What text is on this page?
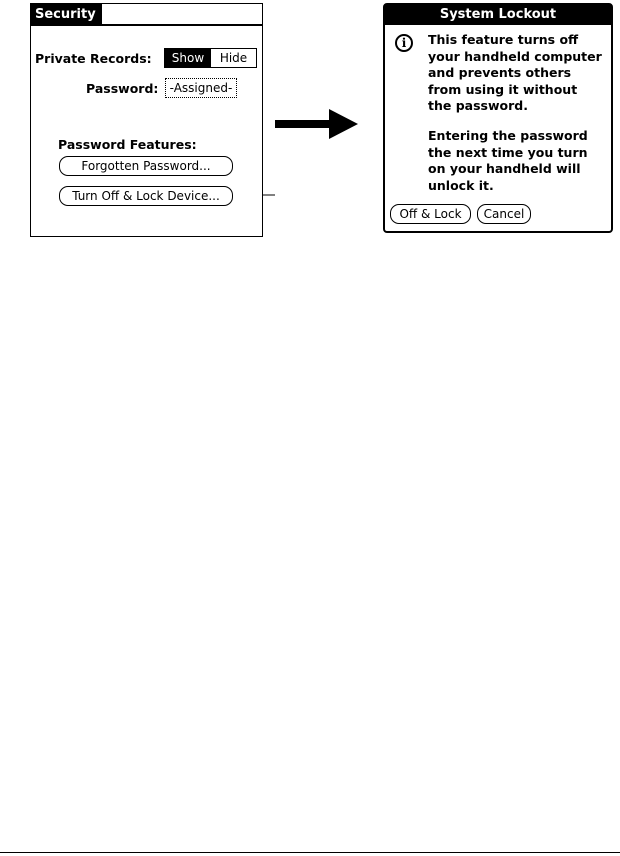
Security
Private Records:	Show	Hide
Password: -Assigned-
Password Features:
Forgotten Password...
Turn Off & Lock Device...
System Lockout
i	This feature turns off
your handheld computer
and prevents others
from using it without
the password.
Entering the password
the next time you turn
on your handheld will
unlock it.
Off & Lock	Cancel
